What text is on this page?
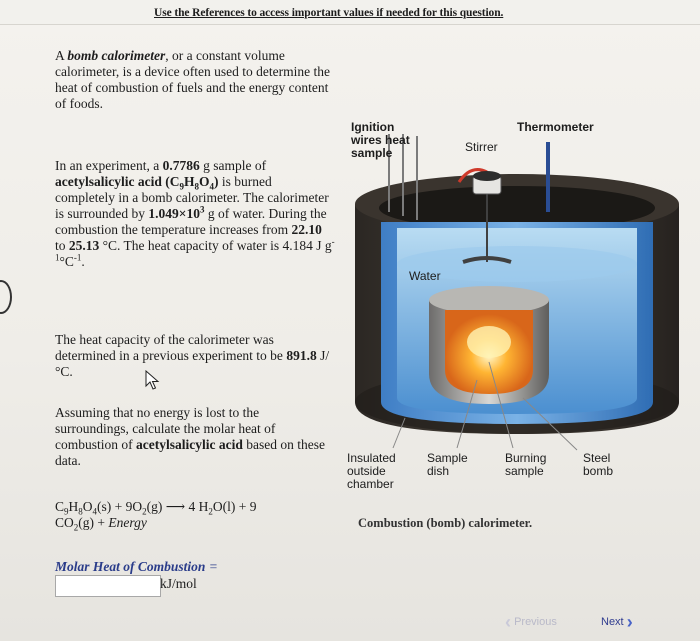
Use the References to access important values if needed for this question.
A bomb calorimeter, or a constant volume calorimeter, is a device often used to determine the heat of combustion of fuels and the energy content of foods.
In an experiment, a 0.7786 g sample of acetylsalicylic acid $(C_9H_8O_4)$ is burned completely in a bomb calorimeter. The calorimeter is surrounded by $1.049\times 10^3$ g of water. During the combustion the temperature increases from 22.10 to 25.13 °C. The heat capacity of water is 4.184 J $g^{-1}^\circ C^{-1}$.
The heat capacity of the calorimeter was determined in a previous experiment to be 891.8 J/°C.
Assuming that no energy is lost to the surroundings, calculate the molar heat of combustion of acetylsalicylic acid based on these data.
$C_9H_8O_4(s) + 9O_2(g)$ ⟶ 4 $H_2O(l) + 9$
$CO_2(g)$ + Energy
Molar Heat of Combustion =
kJ/mol
Ignition wires heat sample
Thermometer
Stirrer
Water
Insulated outside chamber
Sample dish
Burning sample
Steel bomb
Combustion (bomb) calorimeter.
‹ Previous	Next ›
